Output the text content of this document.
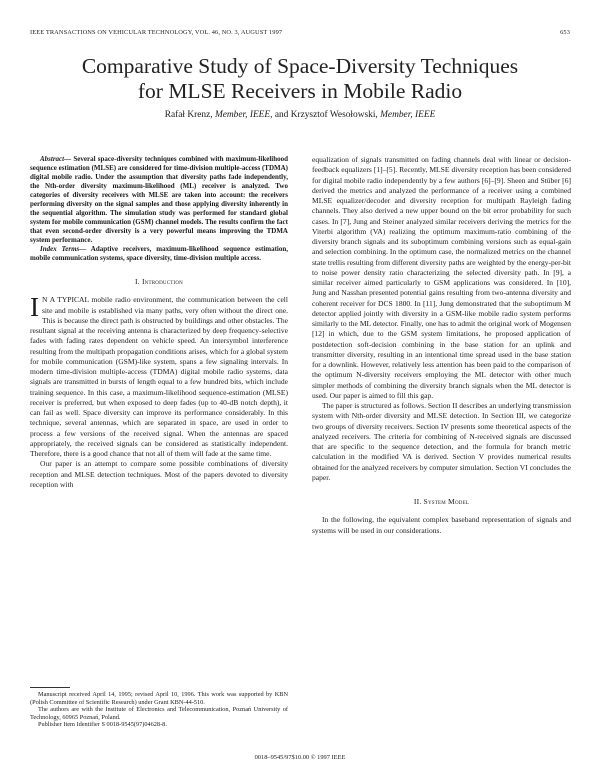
IEEE TRANSACTIONS ON VEHICULAR TECHNOLOGY, VOL. 46, NO. 3, AUGUST 1997	653
Comparative Study of Space-Diversity Techniques
for MLSE Receivers in Mobile Radio
Rafał Krenz, Member, IEEE, and Krzysztof Wesołowski, Member, IEEE

Abstract— Several space-diversity techniques combined with maximum-likelihood sequence estimation (MLSE) are considered for time-division multiple-access (TDMA) digital mobile radio. Under the assumption that diversity paths fade independently, the Nth-order diversity maximum-likelihood (ML) receiver is analyzed. Two categories of diversity receivers with MLSE are taken into account: the receivers performing diversity on the signal samples and those applying diversity inherently in the sequential algorithm. The simulation study was performed for standard global system for mobile communication (GSM) channel models. The results confirm the fact that even second-order diversity is a very powerful means improving the TDMA system performance.

Index Terms— Adaptive receivers, maximum-likelihood sequence estimation, mobile communication systems, space diversity, time-division multiple access.

I. Introduction

I N A TYPICAL mobile radio environment, the communication between the cell site and mobile is established via many paths, very often without the direct one. This is because the direct path is obstructed by buildings and other obstacles. The resultant signal at the receiving antenna is characterized by deep frequency-selective fades with fading rates dependent on vehicle speed. An intersymbol interference resulting from the multipath propagation conditions arises, which for a global system for mobile communication (GSM)-like system, spans a few signaling intervals. In modern time-division multiple-access (TDMA) digital mobile radio systems, data signals are transmitted in bursts of length equal to a few hundred bits, which include training sequence. In this case, a maximum-likelihood sequence-estimation (MLSE) receiver is preferred, but when exposed to deep fades (up to 40-dB notch depth), it can fail as well. Space diversity can improve its performance considerably. In this technique, several antennas, which are separated in space, are used in order to process a few versions of the received signal. When the antennas are spaced appropriately, the received signals can be considered as statistically independent. Therefore, there is a good chance that not all of them will fade at the same time.

Our paper is an attempt to compare some possible combinations of diversity reception and MLSE detection techniques. Most of the papers devoted to diversity reception with

Manuscript received April 14, 1995; revised April 10, 1996. This work was supported by KBN (Polish Committee of Scientific Research) under Grant KBN-44-510.

The authors are with the Institute of Electronics and Telecommunication, Poznań University of Technology, 60965 Poznań, Poland.

Publisher Item Identifier S 0018-9545(97)04628-8.

equalization of signals transmitted on fading channels deal with linear or decision-feedback equalizers [1]–[5]. Recently, MLSE diversity reception has been considered for digital mobile radio independently by a few authors [6]–[9]. Sheen and Stüber [6] derived the metrics and analyzed the performance of a receiver using a combined MLSE equalizer/decoder and diversity reception for multipath Rayleigh fading channels. They also derived a new upper bound on the bit error probability for such cases. In [7], Jung and Steiner analyzed similar receivers deriving the metrics for the Viterbi algorithm (VA) realizing the optimum maximum-ratio combining of the diversity branch signals and its suboptimum combining versions such as equal-gain and selection combining. In the optimum case, the normalized metrics on the channel state trellis resulting from different diversity paths are weighted by the energy-per-bit to noise power density ratio characterizing the selected diversity path. In [9], a similar receiver aimed particularly to GSM applications was considered. In [10], Jung and Nasshan presented potential gains resulting from two-antenna diversity and coherent receiver for DCS 1800. In [11], Jung demonstrated that the suboptimum M detector applied jointly with diversity in a GSM-like mobile radio system performs similarly to the ML detector. Finally, one has to admit the original work of Mogensen [12] in which, due to the GSM system limitations, he proposed application of postdetection soft-decision combining in the base station for an uplink and transmitter diversity, resulting in an intentional time spread used in the base station for a downlink. However, relatively less attention has been paid to the comparison of the optimum N-diversity receivers employing the ML detector with other much simpler methods of combining the diversity branch signals when the ML detector is used. Our paper is aimed to fill this gap.

The paper is structured as follows. Section II describes an underlying transmission system with Nth-order diversity and MLSE detection. In Section III, we categorize two groups of diversity receivers. Section IV presents some theoretical aspects of the analyzed receivers. The criteria for combining of N-received signals are discussed that are specific to the sequence detection, and the formula for branch metric calculation in the modified VA is derived. Section V provides numerical results obtained for the analyzed receivers by computer simulation. Section VI concludes the paper.

II. System Model

In the following, the equivalent complex baseband representation of signals and systems will be used in our considerations.

0018–9545/97$10.00 © 1997 IEEE
